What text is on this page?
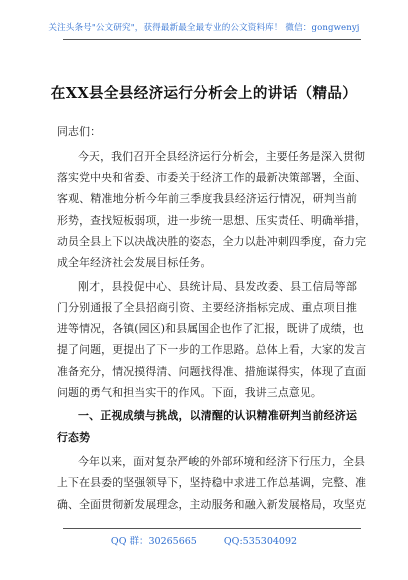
关注头条号"公文研究"，获得最新最全最专业的公文资料库！ 微信：gongwenyj
在XX县全县经济运行分析会上的讲话（精品）
同志们：
今天，我们召开全县经济运行分析会，主要任务是深入贯彻
落实党中央和省委、市委关于经济工作的最新决策部署，全面、
客观、精准地分析今年前三季度我县经济运行情况，研判当前
形势，查找短板弱项，进一步统一思想、压实责任、明确举措，
动员全县上下以决战决胜的姿态，全力以赴冲刺四季度，奋力完
成全年经济社会发展目标任务。
刚才，县投促中心、县统计局、县发改委、县工信局等部
门分别通报了全县招商引资、主要经济指标完成、重点项目推
进等情况，各镇(园区)和县属国企也作了汇报，既讲了成绩，也
提了问题，更提出了下一步的工作思路。总体上看，大家的发言
准备充分，情况摸得清、问题找得准、措施谋得实，体现了直面
问题的勇气和担当实干的作风。下面，我讲三点意见。
一、正视成绩与挑战，以清醒的认识精准研判当前经济运
行态势
今年以来，面对复杂严峻的外部环境和经济下行压力，全县
上下在县委的坚强领导下，坚持稳中求进工作总基调，完整、准
确、全面贯彻新发展理念，主动服务和融入新发展格局，攻坚克
QQ 群：30265665	QQ:535304092
